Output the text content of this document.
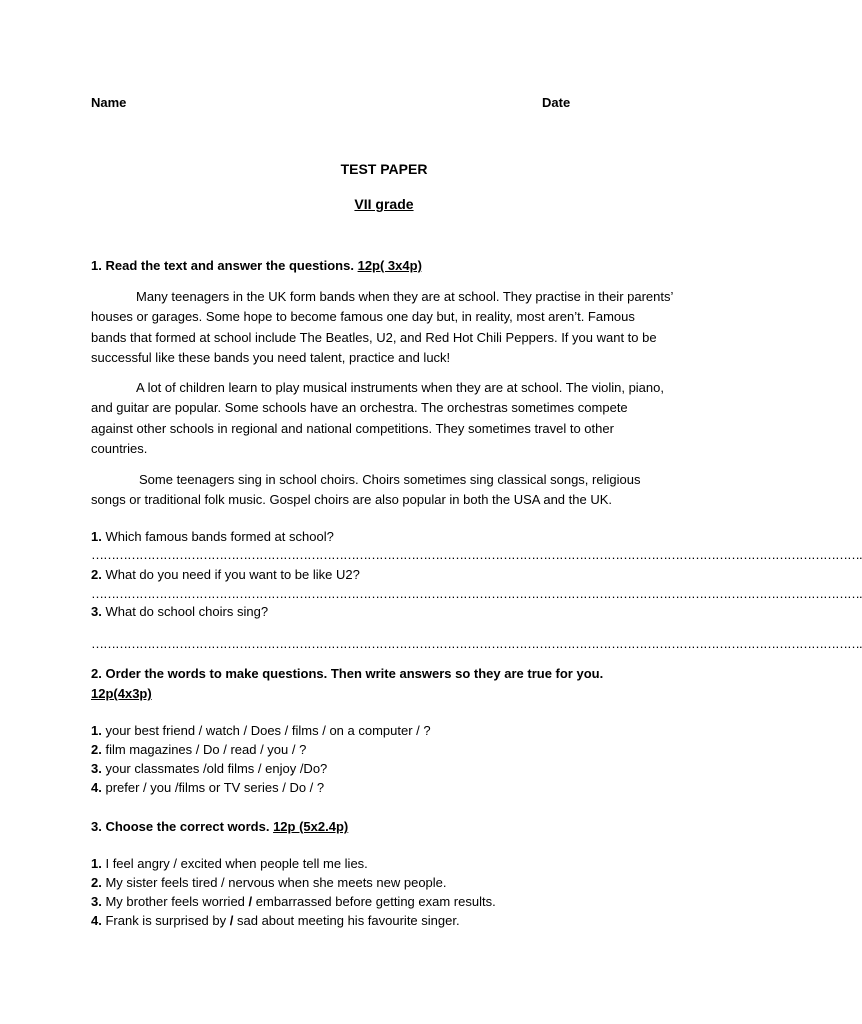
Name	Date
TEST PAPER
VII grade
1. Read the text and answer the questions. 12p( 3x4p)
Many teenagers in the UK form bands when they are at school. They practise in their parents’ houses or garages. Some hope to become famous one day but, in reality, most aren’t. Famous bands that formed at school include The Beatles, U2, and Red Hot Chili Peppers. If you want to be successful like these bands you need talent, practice and luck!
A lot of children learn to play musical instruments when they are at school. The violin, piano, and guitar are popular. Some schools have an orchestra. The orchestras sometimes compete against other schools in regional and national competitions. They sometimes travel to other countries.
Some teenagers sing in school choirs. Choirs sometimes sing classical songs, religious songs or traditional folk music. Gospel choirs are also popular in both the USA and the UK.
1. Which famous bands formed at school?
………………………………………………………………………………………………………………………………………………………………………….
2. What do you need if you want to be like U2?
………………………………………………………………………………………………………………………………………………………………………….
3. What do school choirs sing?
………………………………………………………………………………………………………………………………………………………………………….
2. Order the words to make questions. Then write answers so they are true for you.
12p(4x3p)
1. your best friend / watch / Does / films / on a computer / ?
2. film magazines / Do / read / you / ?
3. your classmates /old films / enjoy /Do?
4. prefer / you /films or TV series / Do / ?
3. Choose the correct words. 12p (5x2.4p)
1. I feel angry / excited when people tell me lies.
2. My sister feels tired / nervous when she meets new people.
3. My brother feels worried / embarrassed before getting exam results.
4. Frank is surprised by / sad about meeting his favourite singer.
